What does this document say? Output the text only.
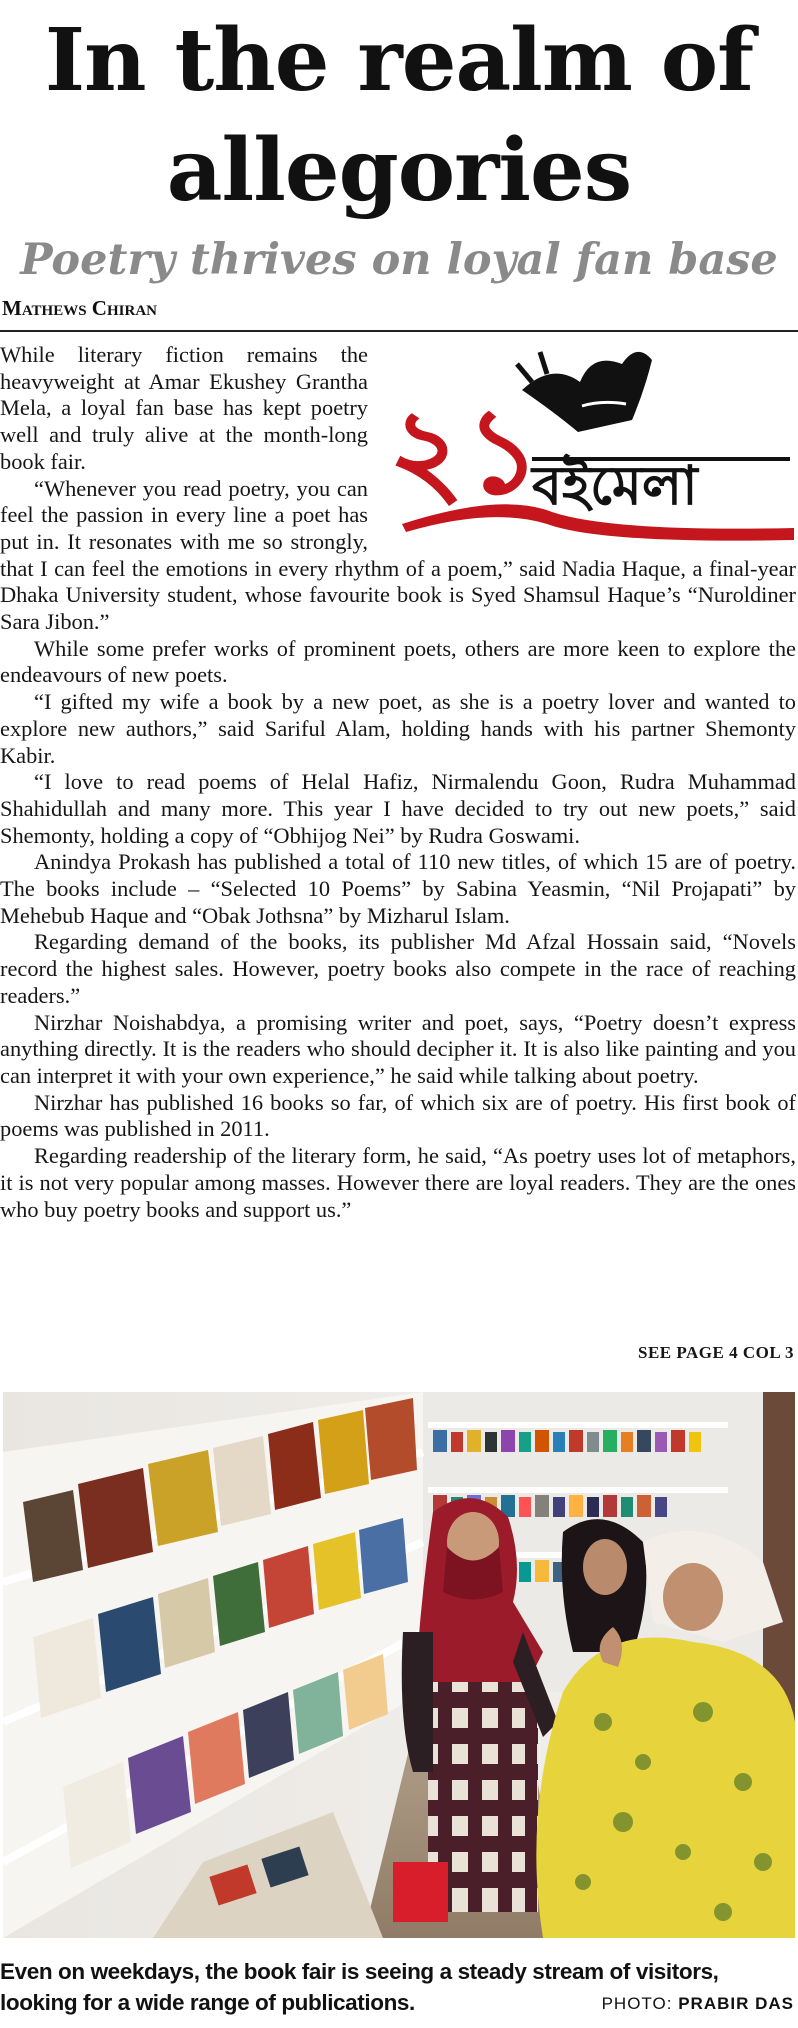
In the realm of
allegories
Poetry thrives on loyal fan base
Mathews Chiran
২১
বইমেলা

While literary fiction remains the heavyweight at Amar Ekushey Grantha Mela, a loyal fan base has kept poetry well and truly alive at the month-long book fair.

“Whenever you read poetry, you can feel the passion in every line a poet has put in. It resonates with me so strongly, that I can feel the emotions in every rhythm of a poem,” said Nadia Haque, a final-year Dhaka University student, whose favourite book is Syed Shamsul Haque’s “Nuroldiner Sara Jibon.”

While some prefer works of prominent poets, others are more keen to explore the endeavours of new poets.

“I gifted my wife a book by a new poet, as she is a poetry lover and wanted to explore new authors,” said Sariful Alam, holding hands with his partner Shemonty Kabir.

“I love to read poems of Helal Hafiz, Nirmalendu Goon, Rudra Muhammad Shahidullah and many more. This year I have decided to try out new poets,” said Shemonty, holding a copy of “Obhijog Nei” by Rudra Goswami.

Anindya Prokash has published a total of 110 new titles, of which 15 are of poetry. The books include – “Selected 10 Poems” by Sabina Yeasmin, “Nil Projapati” by Mehebub Haque and “Obak Jothsna” by Mizharul Islam.

Regarding demand of the books, its publisher Md Afzal Hossain said, “Novels record the highest sales. However, poetry books also compete in the race of reaching readers.”

Nirzhar Noishabdya, a promising writer and poet, says, “Poetry doesn’t express anything directly. It is the readers who should decipher it. It is also like painting and you can interpret it with your own experience,” he said while talking about poetry.

Nirzhar has published 16 books so far, of which six are of poetry. His first book of poems was published in 2011.

Regarding readership of the literary form, he said, “As poetry uses lot of metaphors, it is not very popular among masses. However there are loyal readers. They are the ones who buy poetry books and support us.”

SEE PAGE 4 COL 3
Even on weekdays, the book fair is seeing a steady stream of visitors, looking for a wide range of publications.	PHOTO: PRABIR DAS
